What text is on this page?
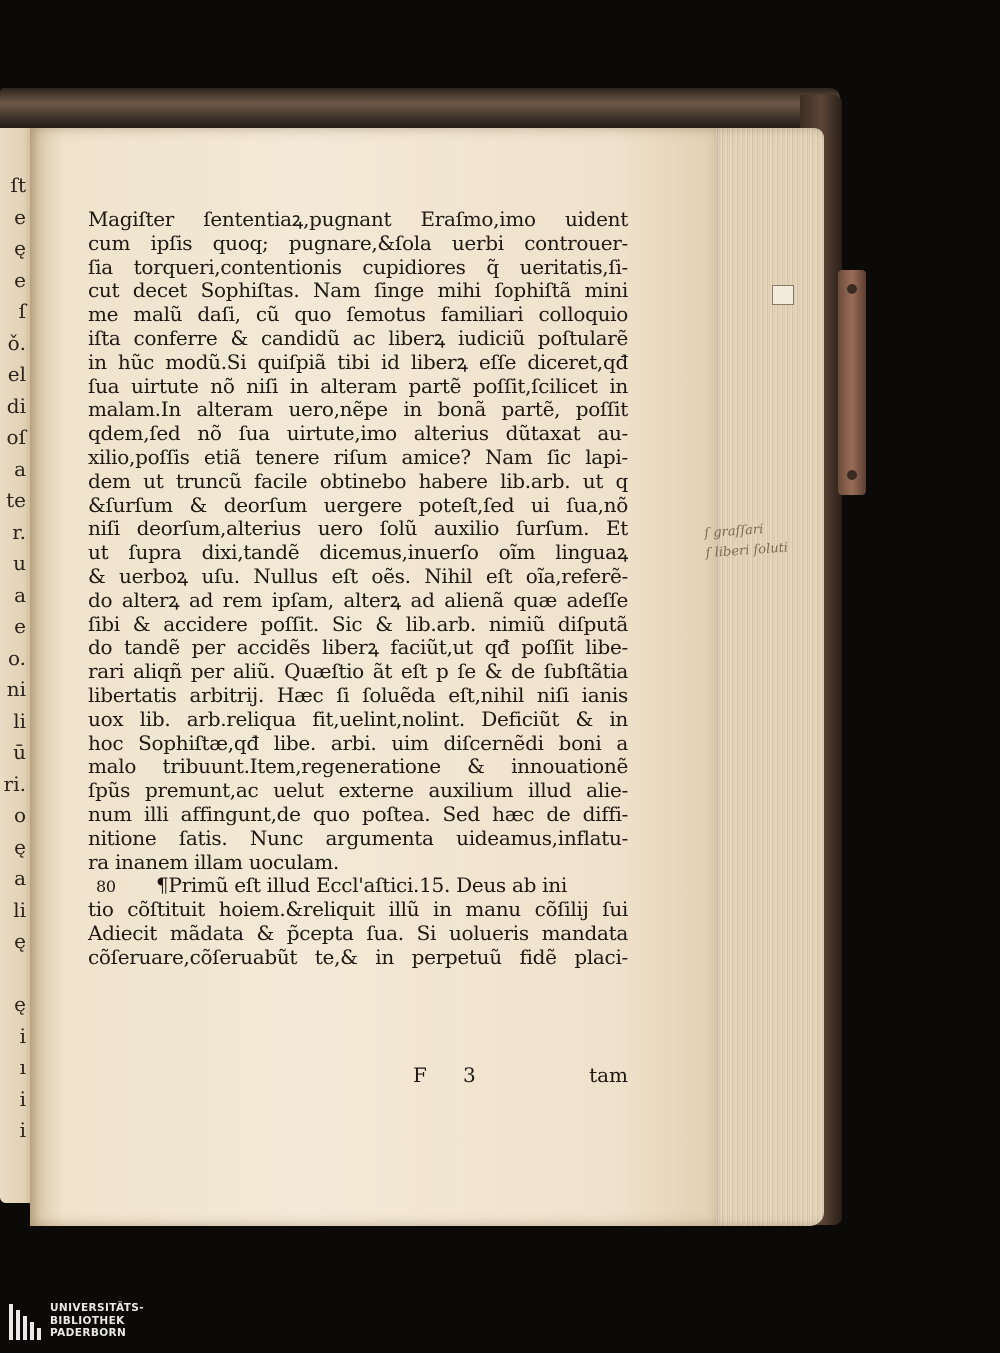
ſt
e
ę
e
ſ
ǒ.
el
di
oſ
a
te
r.
u
a
e
o.
ni
li
ū
ri.
o
ę
a
li
ę
ę
i
ı
i
i
Magiſter ſententiaꝝ,pugnant Eraſmo,imo uident
cum ipſis quoq; pugnare,&ſola uerbi controuer-
ſia torqueri,contentionis cupidiores q̃ ueritatis,ſi-
cut decet Sophiſtas. Nam ſinge mihi ſophiſtã mini
me malũ daſi, cũ quo ſemotus familiari colloquio
iſta conferre & candidũ ac liberꝝ iudiciũ poſtularẽ
in hũc modũ.Si quiſpiã tibi id liberꝝ eſſe diceret,qđ
ſua uirtute nõ niſi in alteram partẽ poſſit,ſcilicet in
malam.In alteram uero,nẽpe in bonã partẽ, poſſit
qdem,ſed nõ ſua uirtute,imo alterius dũtaxat au-
xilio,poſſis etiã tenere riſum amice? Nam ſic lapi-
dem ut truncũ facile obtinebo habere lib.arb. ut q
&ſurſum & deorſum uergere poteſt,ſed ui ſua,nõ
niſi deorſum,alterius uero ſolũ auxilio ſurſum. Et
ut ſupra dixi,tandẽ dicemus,inuerſo oĩm linguaꝝ
& uerboꝝ uſu. Nullus eſt oẽs. Nihil eſt oĩa,referẽ-
do alterꝝ ad rem ipſam, alterꝝ ad alienã quæ adeſſe
ſibi & accidere poſſit. Sic & lib.arb. nimiũ diſputã
do tandẽ per accidẽs liberꝝ faciũt,ut qđ poſſit libe-
rari aliqñ per aliũ. Quæſtio ãt eſt p ſe & de ſubſtãtia
libertatis arbitrij. Hæc ſi ſoluẽda eſt,nihil niſi ianis
uox lib. arb.reliqua fit,uelint,nolint. Deficiũt & in
hoc Sophiſtæ,qđ libe. arbi. uim diſcernẽdi boni a
malo tribuunt.Item,regeneratione & innouationẽ
ſpũs premunt,ac uelut externe auxilium illud alie-
num illi affingunt,de quo poſtea. Sed hæc de diffi-
nitione ſatis. Nunc argumenta uideamus,inflatu-
ra inanem illam uoculam.
80 ¶Primũ eſt illud Eccl'aſtici.15. Deus ab ini
tio cõſtituit hoiem.&reliquit illũ in manu cõſilij ſui
Adiecit mãdata & p̃cepta ſua. Si uolueris mandata
cõſeruare,cõſeruabũt te,& in perpetuũ fidẽ placi-
F 3	tam
ſ graſſari
ſ liberi ſoluti
UNIVERSITÄTS-
BIBLIOTHEK
PADERBORN
